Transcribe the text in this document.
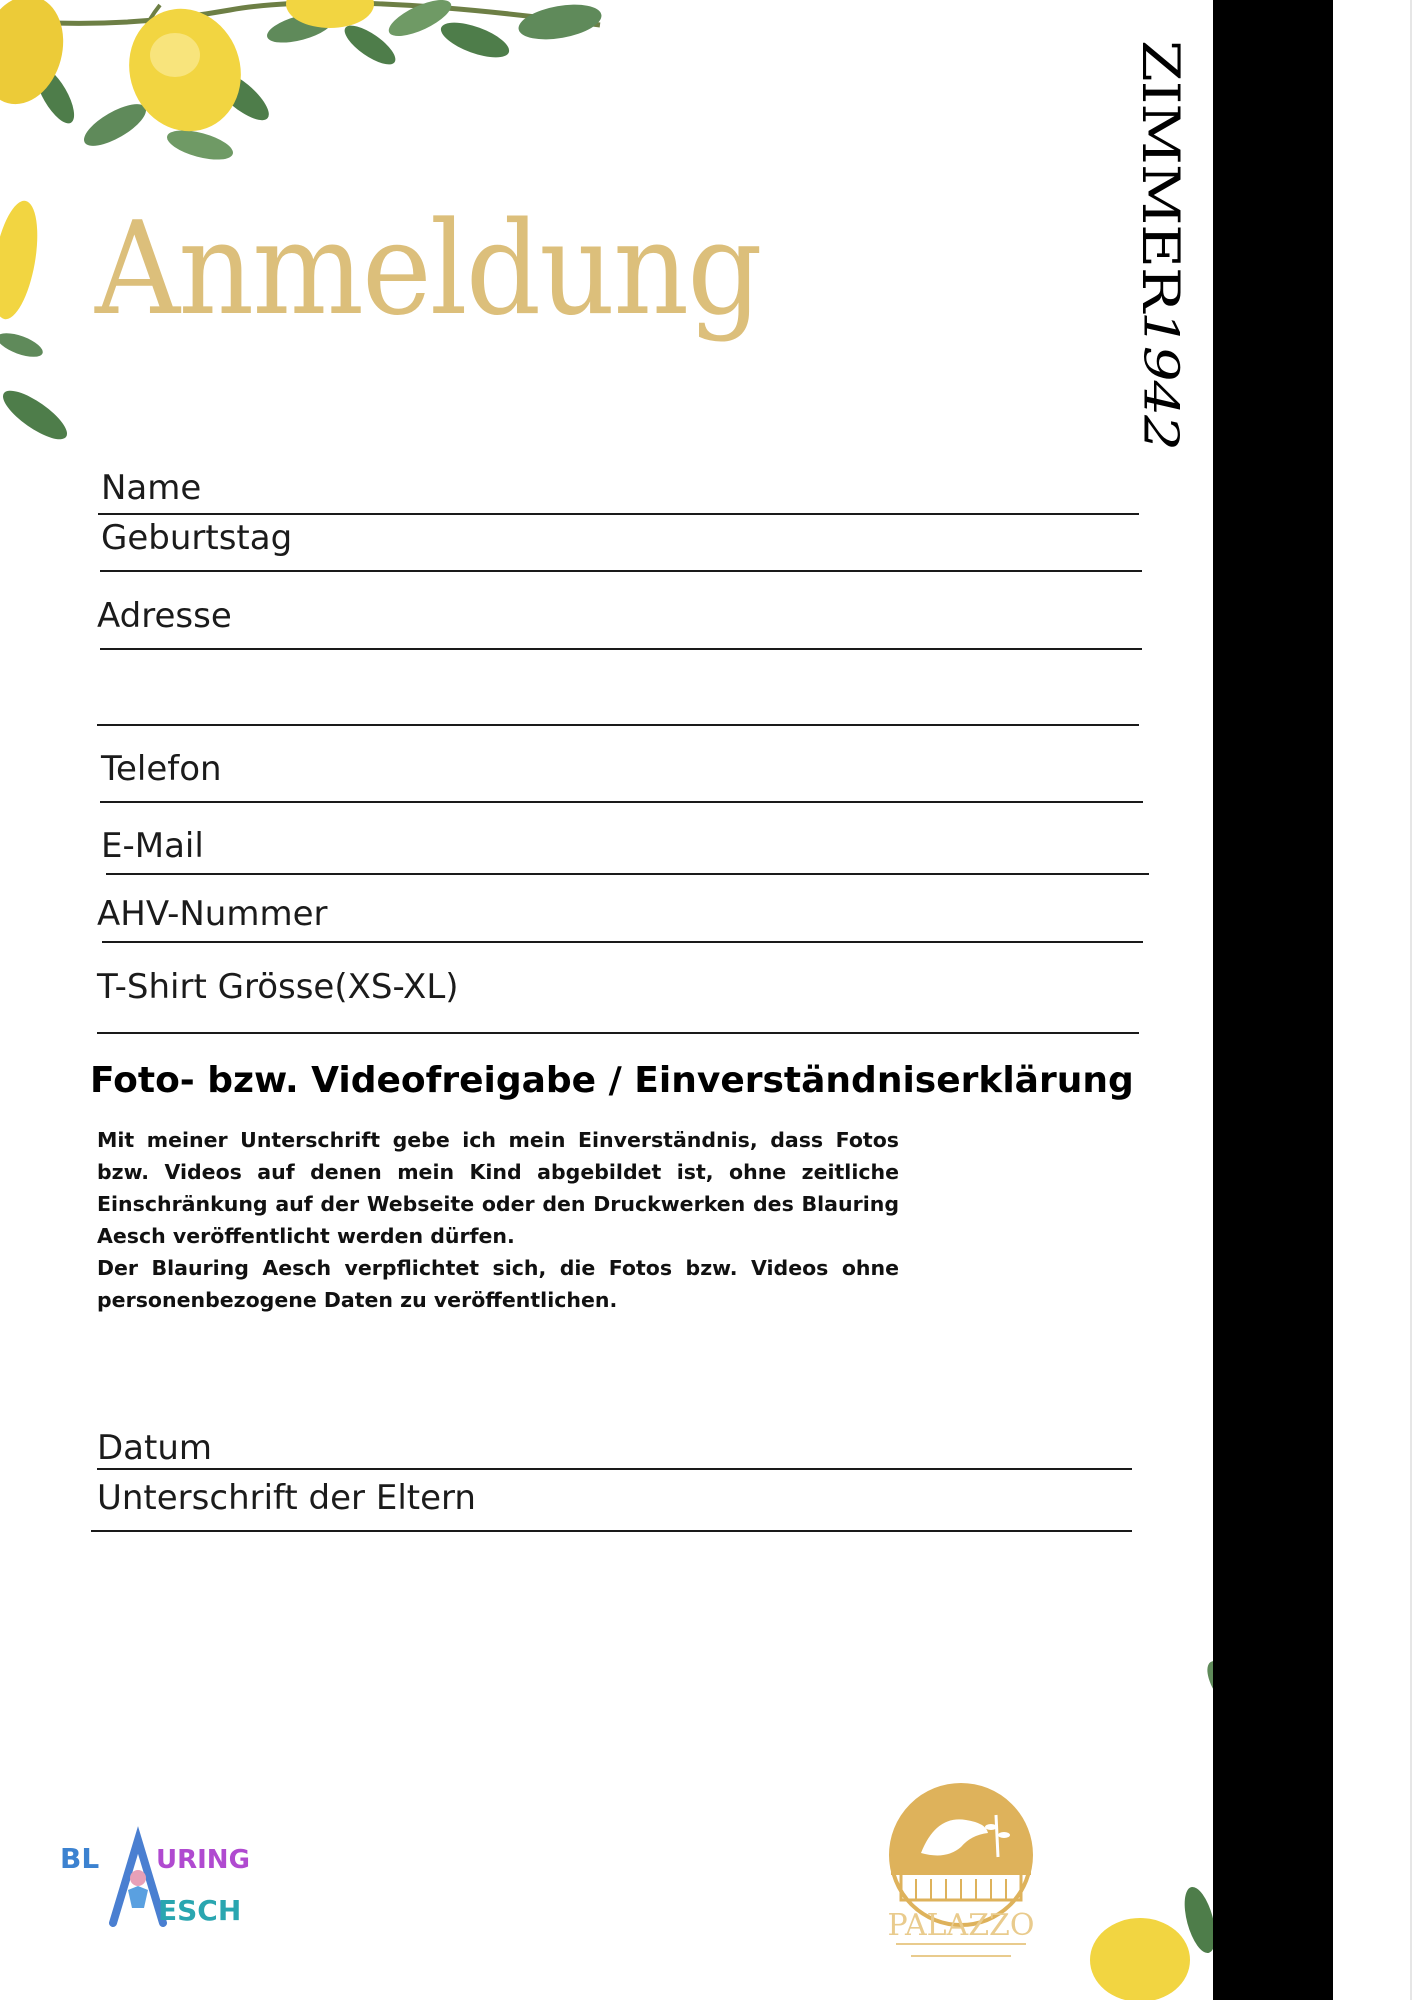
ZIMMER1942
Anmeldung
Name
Geburtstag
Adresse
Telefon
E-Mail
AHV-Nummer
T-Shirt Grösse(XS-XL)
Foto- bzw. Videofreigabe / Einverständniserklärung

Mit meiner Unterschrift gebe ich mein Einverständnis, dass Fotos bzw. Videos auf denen mein Kind abgebildet ist, ohne zeitliche Einschränkung auf der Webseite oder den Druckwerken des Blauring Aesch veröffentlicht werden dürfen.

Der Blauring Aesch verpflichtet sich, die Fotos bzw. Videos ohne personenbezogene Daten zu veröffentlichen.

Datum
Unterschrift der Eltern
BL URING
ESCH	PALAZZO
